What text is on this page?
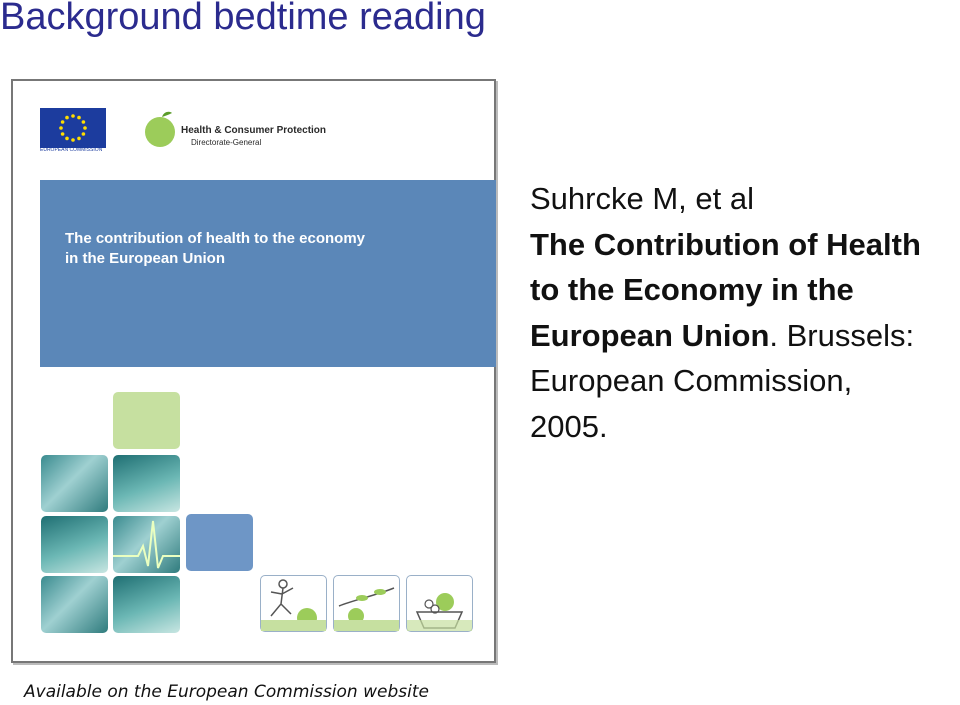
Background bedtime reading
EUROPEAN COMMISSION
Health & Consumer Protection
Directorate-General
The contribution of health to the economy
in the European Union
Suhrcke M, et al
The Contribution of Health
to the Economy in the
European Union. Brussels:
European Commission,
2005.
Available on the European Commission website
